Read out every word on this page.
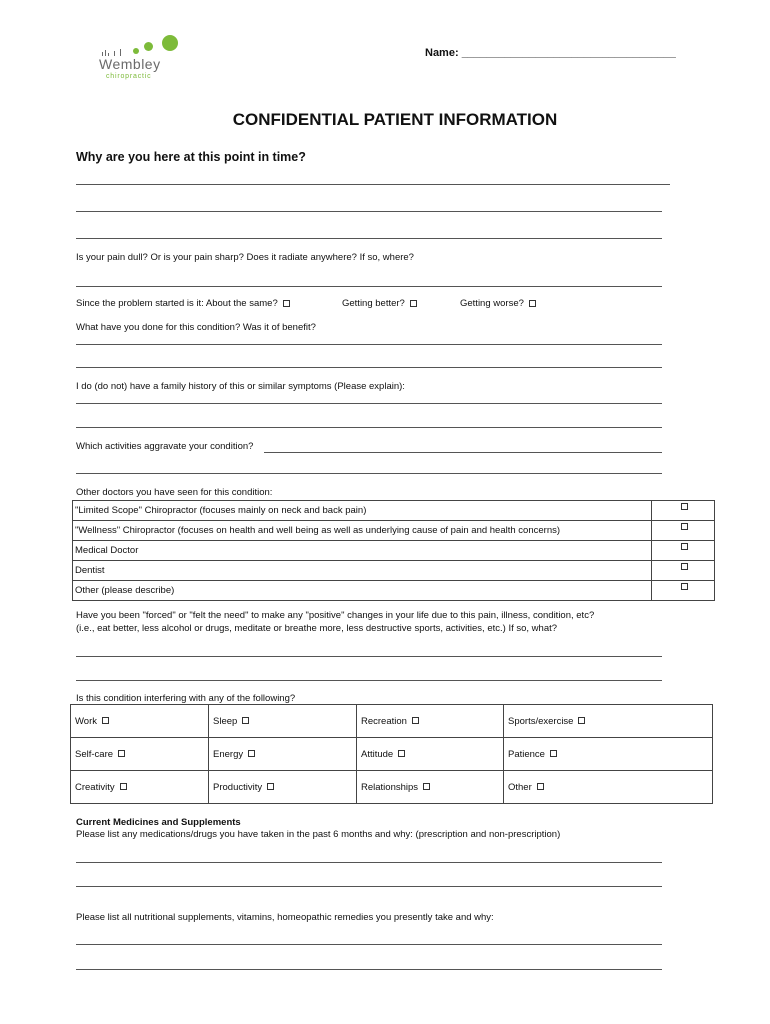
Wembley
chiropractic
Name: ___________________________________
CONFIDENTIAL PATIENT INFORMATION
Why are you here at this point in time?
Is your pain dull? Or is your pain sharp? Does it radiate anywhere? If so, where?
Since the problem started is it: About the same?	Getting better?	Getting worse?
What have you done for this condition? Was it of benefit?
I do (do not) have a family history of this or similar symptoms (Please explain):
Which activities aggravate your condition?
Other doctors you have seen for this condition:
"Limited Scope" Chiropractor (focuses mainly on neck and back pain)	
"Wellness" Chiropractor (focuses on health and well being as well as underlying cause of pain and health concerns)	
Medical Doctor	
Dentist	
Other (please describe)	
Have you been "forced" or "felt the need" to make any "positive" changes in your life due to this pain, illness, condition, etc?
(i.e., eat better, less alcohol or drugs, meditate or breathe more, less destructive sports, activities, etc.) If so, what?
Is this condition interfering with any of the following?
Work	Sleep	Recreation	Sports/exercise
Self-care	Energy	Attitude	Patience
Creativity	Productivity	Relationships	Other
Current Medicines and Supplements
Please list any medications/drugs you have taken in the past 6 months and why: (prescription and non-prescription)
Please list all nutritional supplements, vitamins, homeopathic remedies you presently take and why:
